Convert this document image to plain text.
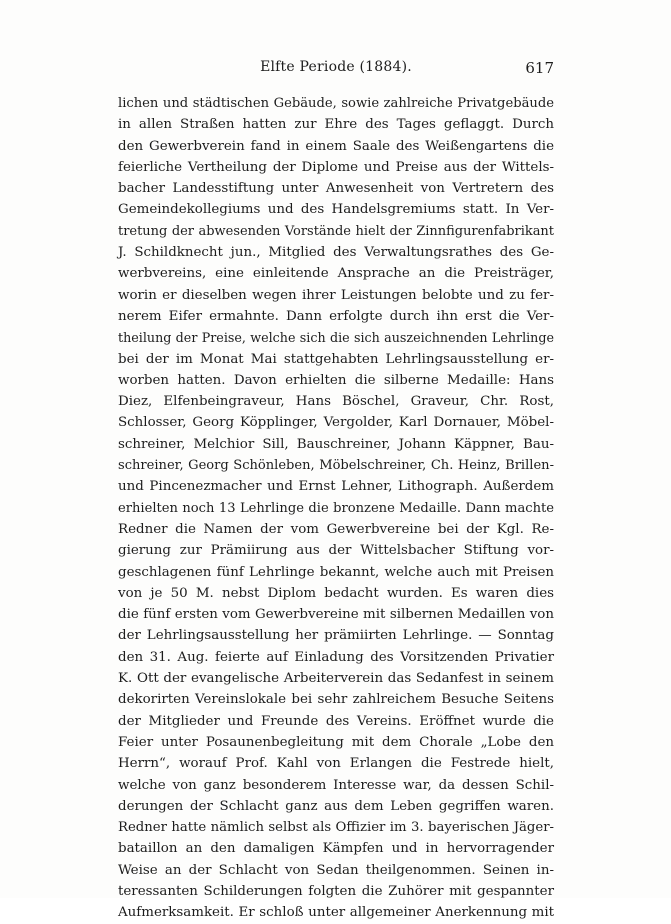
Elfte Periode (1884).	617
lichen und städtischen Gebäude, sowie zahlreiche Privatgebäude
in allen Straßen hatten zur Ehre des Tages geflaggt. Durch
den Gewerbverein fand in einem Saale des Weißengartens die
feierliche Vertheilung der Diplome und Preise aus der Wittels-
bacher Landesstiftung unter Anwesenheit von Vertretern des
Gemeindekollegiums und des Handelsgremiums statt. In Ver-
tretung der abwesenden Vorstände hielt der Zinnfigurenfabrikant
J. Schildknecht jun., Mitglied des Verwaltungsrathes des Ge-
werbvereins, eine einleitende Ansprache an die Preisträger,
worin er dieselben wegen ihrer Leistungen belobte und zu fer-
nerem Eifer ermahnte. Dann erfolgte durch ihn erst die Ver-
theilung der Preise, welche sich die sich auszeichnenden Lehrlinge
bei der im Monat Mai stattgehabten Lehrlingsausstellung er-
worben hatten. Davon erhielten die silberne Medaille: Hans
Diez, Elfenbeingraveur, Hans Böschel, Graveur, Chr. Rost,
Schlosser, Georg Köpplinger, Vergolder, Karl Dornauer, Möbel-
schreiner, Melchior Sill, Bauschreiner, Johann Käppner, Bau-
schreiner, Georg Schönleben, Möbelschreiner, Ch. Heinz, Brillen-
und Pincenezmacher und Ernst Lehner, Lithograph. Außerdem
erhielten noch 13 Lehrlinge die bronzene Medaille. Dann machte
Redner die Namen der vom Gewerbvereine bei der Kgl. Re-
gierung zur Prämiirung aus der Wittelsbacher Stiftung vor-
geschlagenen fünf Lehrlinge bekannt, welche auch mit Preisen
von je 50 M. nebst Diplom bedacht wurden. Es waren dies
die fünf ersten vom Gewerbvereine mit silbernen Medaillen von
der Lehrlingsausstellung her prämiirten Lehrlinge. — Sonntag
den 31. Aug. feierte auf Einladung des Vorsitzenden Privatier
K. Ott der evangelische Arbeiterverein das Sedanfest in seinem
dekorirten Vereinslokale bei sehr zahlreichem Besuche Seitens
der Mitglieder und Freunde des Vereins. Eröffnet wurde die
Feier unter Posaunenbegleitung mit dem Chorale „Lobe den
Herrn“, worauf Prof. Kahl von Erlangen die Festrede hielt,
welche von ganz besonderem Interesse war, da dessen Schil-
derungen der Schlacht ganz aus dem Leben gegriffen waren.
Redner hatte nämlich selbst als Offizier im 3. bayerischen Jäger-
bataillon an den damaligen Kämpfen und in hervorragender
Weise an der Schlacht von Sedan theilgenommen. Seinen in-
teressanten Schilderungen folgten die Zuhörer mit gespannter
Aufmerksamkeit. Er schloß unter allgemeiner Anerkennung mit
